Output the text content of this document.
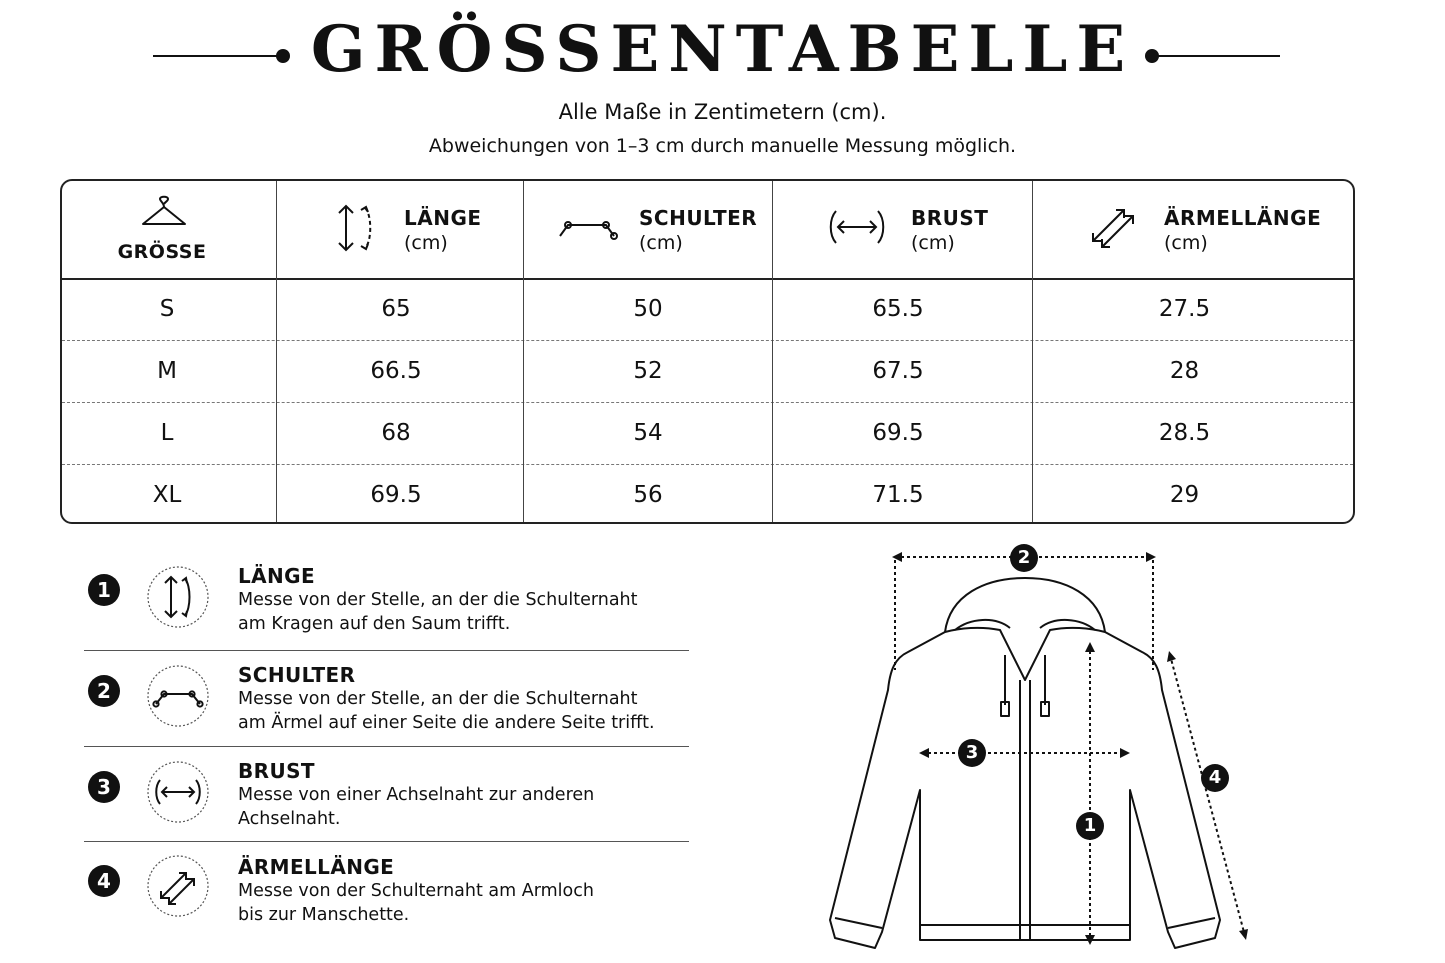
GRÖSSENTABELLE
Alle Maße in Zentimetern (cm).
Abweichungen von 1–3 cm durch manuelle Messung möglich.
GRÖSSE
LÄNGE
(cm)
SCHULTER
(cm)
BRUST
(cm)
ÄRMELLÄNGE
(cm)
S	65	50	65.5	27.5
M	66.5	52	67.5	28
L	68	54	69.5	28.5
XL	69.5	56	71.5	29
1
LÄNGE
Messe von der Stelle, an der die Schulternaht
am Kragen auf den Saum trifft.
2
SCHULTER
Messe von der Stelle, an der die Schulternaht
am Ärmel auf einer Seite die andere Seite trifft.
3
BRUST
Messe von einer Achselnaht zur anderen
Achselnaht.
4
ÄRMELLÄNGE
Messe von der Schulternaht am Armloch
bis zur Manschette.
2
3
1
4
